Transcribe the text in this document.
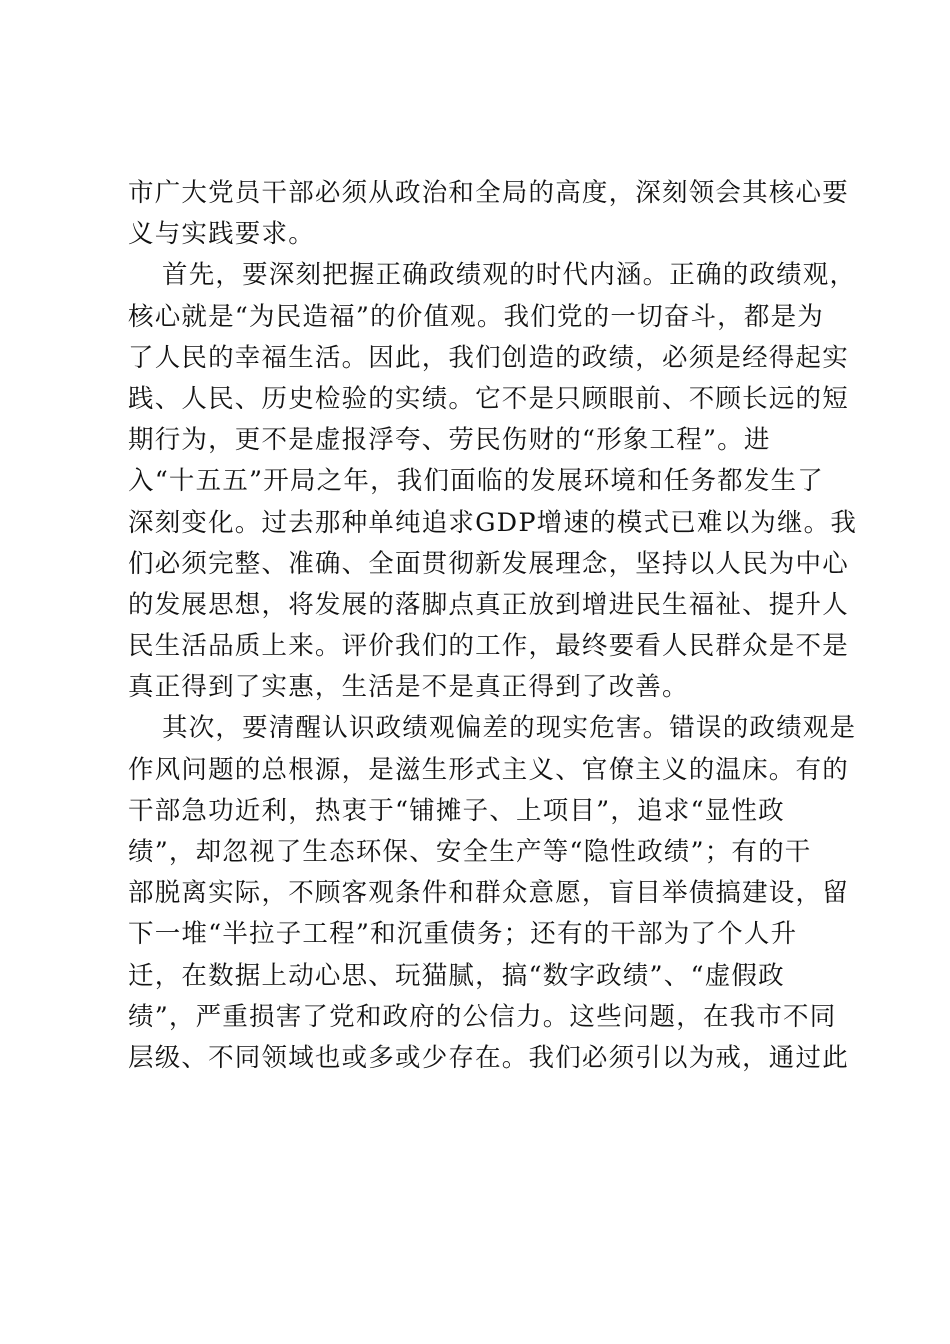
市广大党员干部必须从政治和全局的高度，深刻领会其核心要
义与实践要求。
首先，要深刻把握正确政绩观的时代内涵。正确的政绩观，
核心就是“为民造福”的价值观。我们党的一切奋斗，都是为
了人民的幸福生活。因此，我们创造的政绩，必须是经得起实
践、人民、历史检验的实绩。它不是只顾眼前、不顾长远的短
期行为，更不是虚报浮夸、劳民伤财的“形象工程”。进
入“十五五”开局之年，我们面临的发展环境和任务都发生了
深刻变化。过去那种单纯追求GDP增速的模式已难以为继。我
们必须完整、准确、全面贯彻新发展理念，坚持以人民为中心
的发展思想，将发展的落脚点真正放到增进民生福祉、提升人
民生活品质上来。评价我们的工作，最终要看人民群众是不是
真正得到了实惠，生活是不是真正得到了改善。
其次，要清醒认识政绩观偏差的现实危害。错误的政绩观是
作风问题的总根源，是滋生形式主义、官僚主义的温床。有的
干部急功近利，热衷于“铺摊子、上项目”，追求“显性政
绩”，却忽视了生态环保、安全生产等“隐性政绩”；有的干
部脱离实际，不顾客观条件和群众意愿，盲目举债搞建设，留
下一堆“半拉子工程”和沉重债务；还有的干部为了个人升
迁，在数据上动心思、玩猫腻，搞“数字政绩”、“虚假政
绩”，严重损害了党和政府的公信力。这些问题，在我市不同
层级、不同领域也或多或少存在。我们必须引以为戒，通过此
